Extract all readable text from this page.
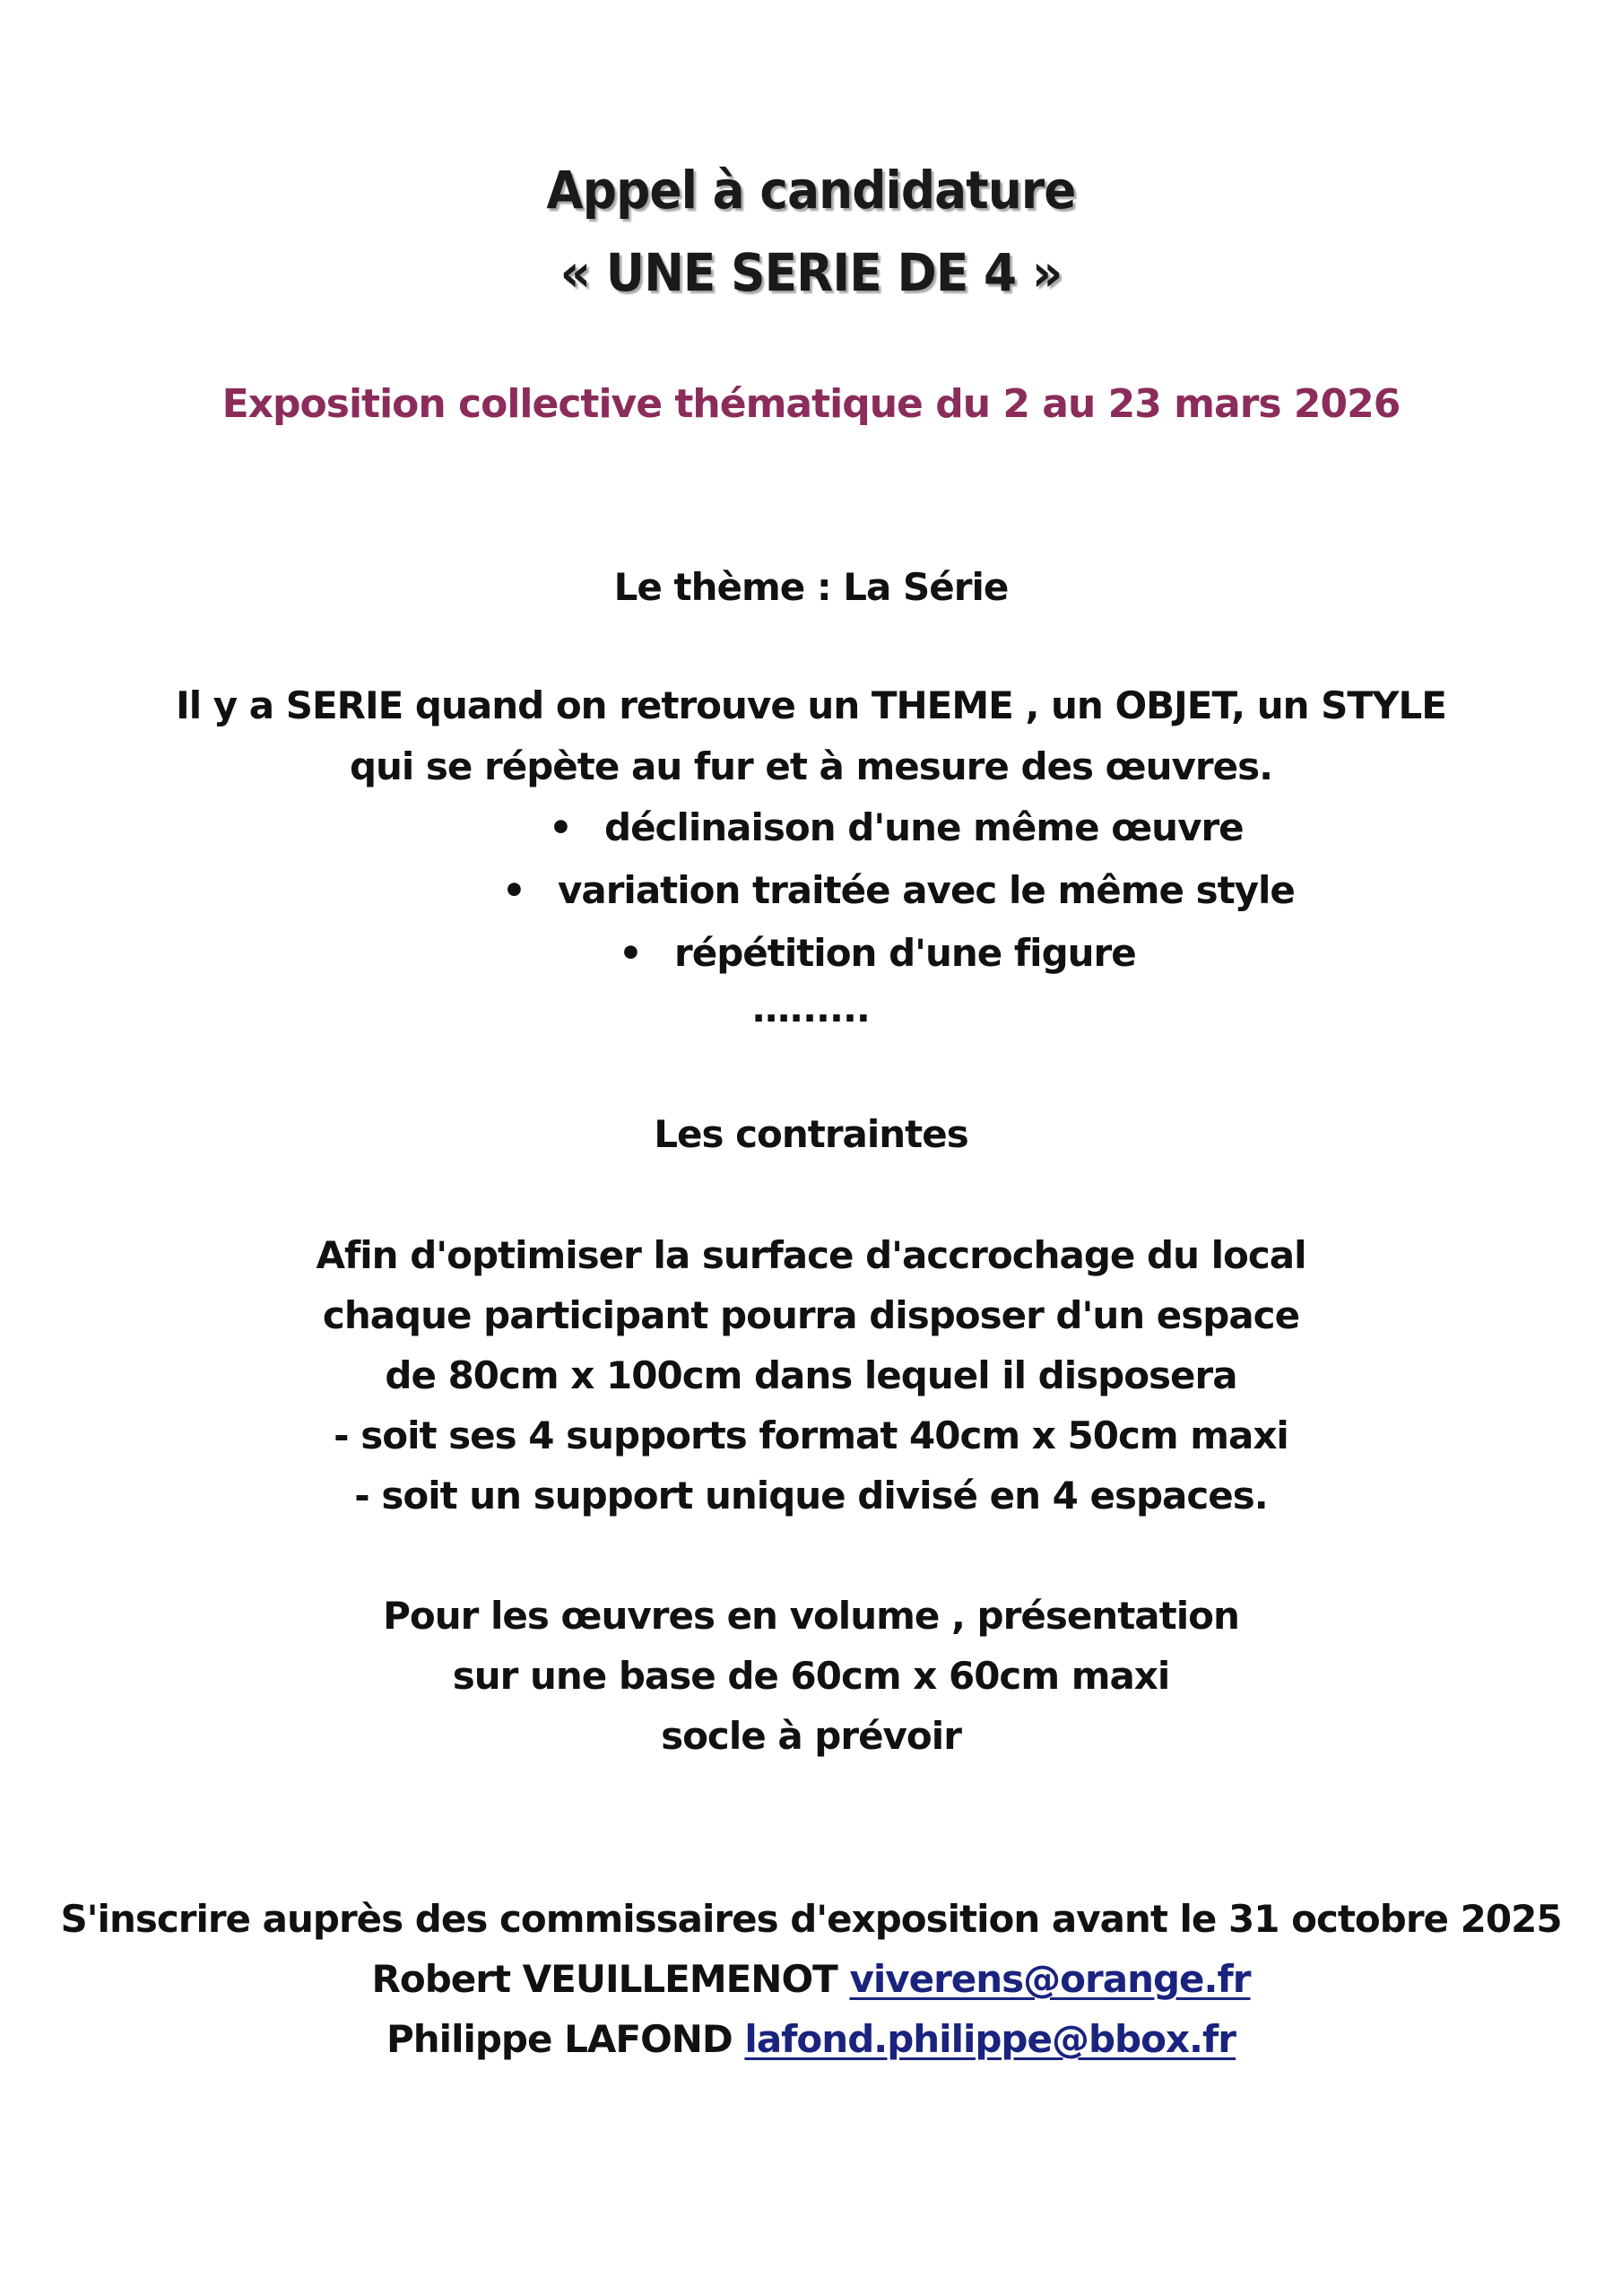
Appel à candidature
« UNE SERIE DE 4 »
Exposition collective thématique du 2 au 23 mars 2026
Le thème : La Série
Il y a SERIE quand on retrouve un THEME , un OBJET, un STYLE
qui se répète au fur et à mesure des œuvres.
• déclinaison d'une même œuvre
• variation traitée avec le même style
• répétition d'une figure
…......
Les contraintes
Afin d'optimiser la surface d'accrochage du local
chaque participant pourra disposer d'un espace
de 80cm x 100cm dans lequel il disposera
- soit ses 4 supports format 40cm x 50cm maxi
- soit un support unique divisé en 4 espaces.
Pour les œuvres en volume , présentation
sur une base de 60cm x 60cm maxi
socle à prévoir
S'inscrire auprès des commissaires d'exposition avant le 31 octobre 2025
Robert VEUILLEMENOT viverens@orange.fr
Philippe LAFOND lafond.philippe@bbox.fr
